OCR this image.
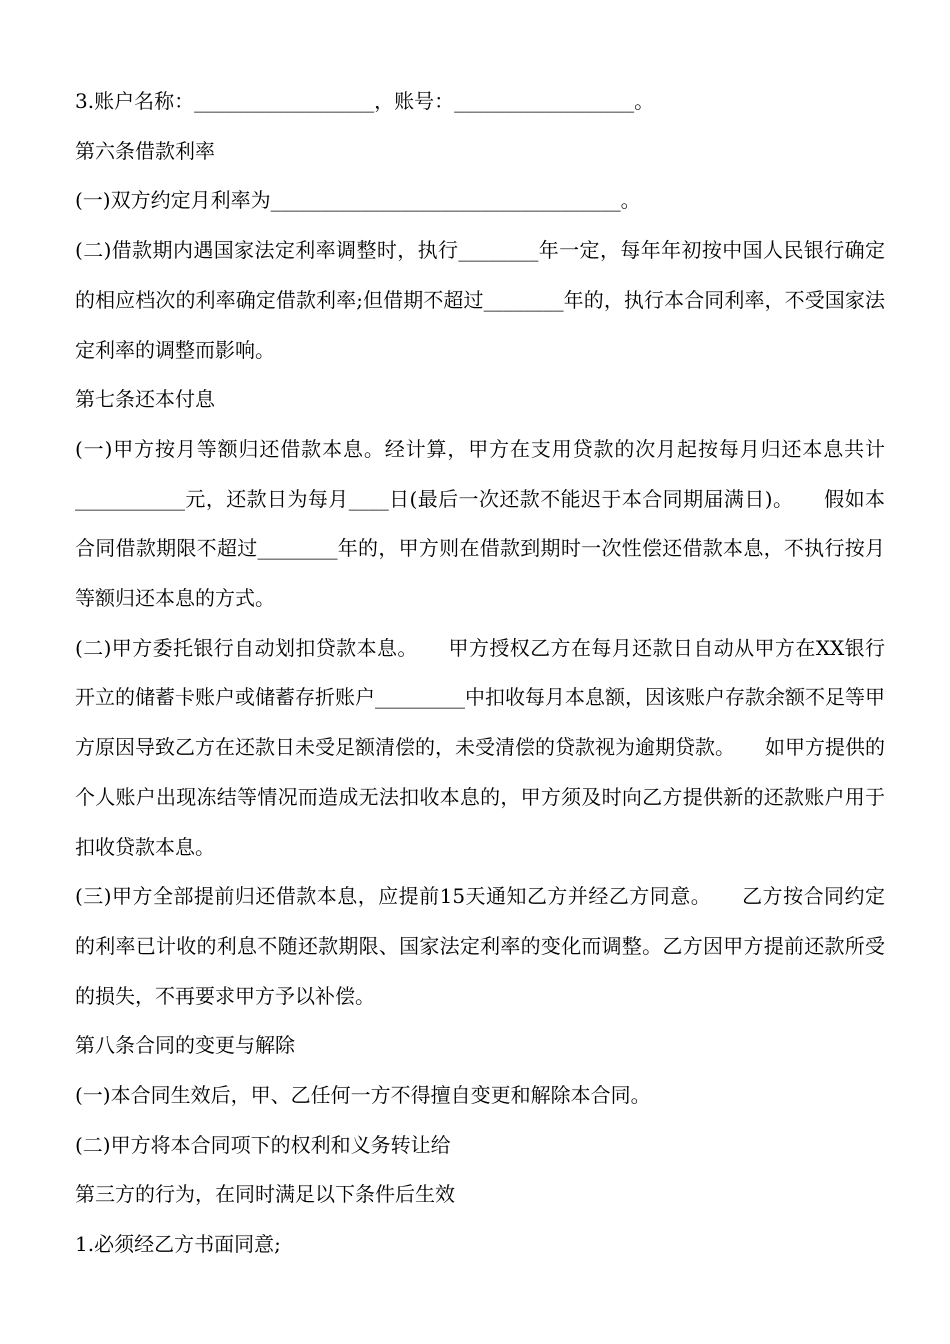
3.账户名称：__________________，账号：__________________。

第六条借款利率

(一)双方约定月利率为___________________________________。

(二)借款期内遇国家法定利率调整时，执行________年一定，每年年初按中国人民银行确定的相应档次的利率确定借款利率;但借期不超过________年的，执行本合同利率，不受国家法定利率的调整而影响。

第七条还本付息

(一)甲方按月等额归还借款本息。经计算，甲方在支用贷款的次月起按每月归还本息共计___________元，还款日为每月____日(最后一次还款不能迟于本合同期届满日)。　　假如本合同借款期限不超过________年的，甲方则在借款到期时一次性偿还借款本息，不执行按月等额归还本息的方式。

(二)甲方委托银行自动划扣贷款本息。　　甲方授权乙方在每月还款日自动从甲方在XX银行开立的储蓄卡账户或储蓄存折账户_________中扣收每月本息额，因该账户存款余额不足等甲方原因导致乙方在还款日未受足额清偿的，未受清偿的贷款视为逾期贷款。　　如甲方提供的个人账户出现冻结等情况而造成无法扣收本息的，甲方须及时向乙方提供新的还款账户用于扣收贷款本息。

(三)甲方全部提前归还借款本息，应提前15天通知乙方并经乙方同意。　　乙方按合同约定的利率已计收的利息不随还款期限、国家法定利率的变化而调整。乙方因甲方提前还款所受的损失，不再要求甲方予以补偿。

第八条合同的变更与解除

(一)本合同生效后，甲、乙任何一方不得擅自变更和解除本合同。

(二)甲方将本合同项下的权利和义务转让给

第三方的行为，在同时满足以下条件后生效

1.必须经乙方书面同意;
